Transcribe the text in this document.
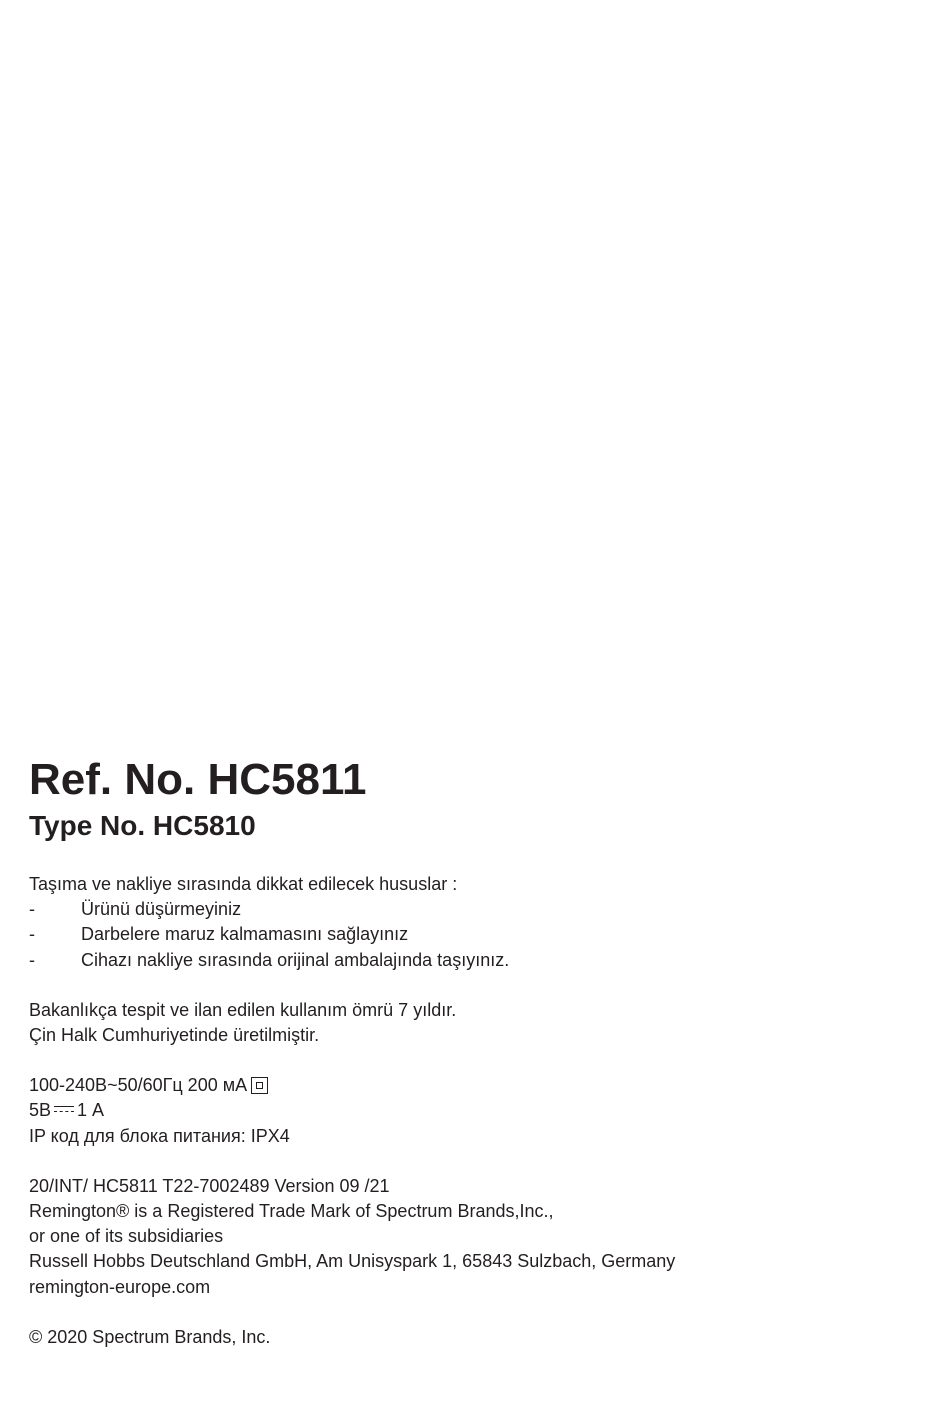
Ref. No. HC5811
Type No. HC5810

Taşıma ve nakliye sırasında dikkat edilecek hususlar :

-	Ürünü düşürmeyiniz
-	Darbelere maruz kalmamasını sağlayınız
-	Cihazı nakliye sırasında orijinal ambalajında taşıyınız.

Bakanlıkça tespit ve ilan edilen kullanım ömrü 7 yıldır.

Çin Halk Cumhuriyetinde üretilmiştir.

100-240В~50/60Гц 200 мА

5В 1 A

IP код для блока питания: IPX4

20/INT/ HC5811 T22-7002489 Version 09 /21

Remington® is a Registered Trade Mark of Spectrum Brands,Inc.,

or one of its subsidiaries

Russell Hobbs Deutschland GmbH, Am Unisyspark 1, 65843 Sulzbach, Germany

remington-europe.com

© 2020 Spectrum Brands, Inc.
